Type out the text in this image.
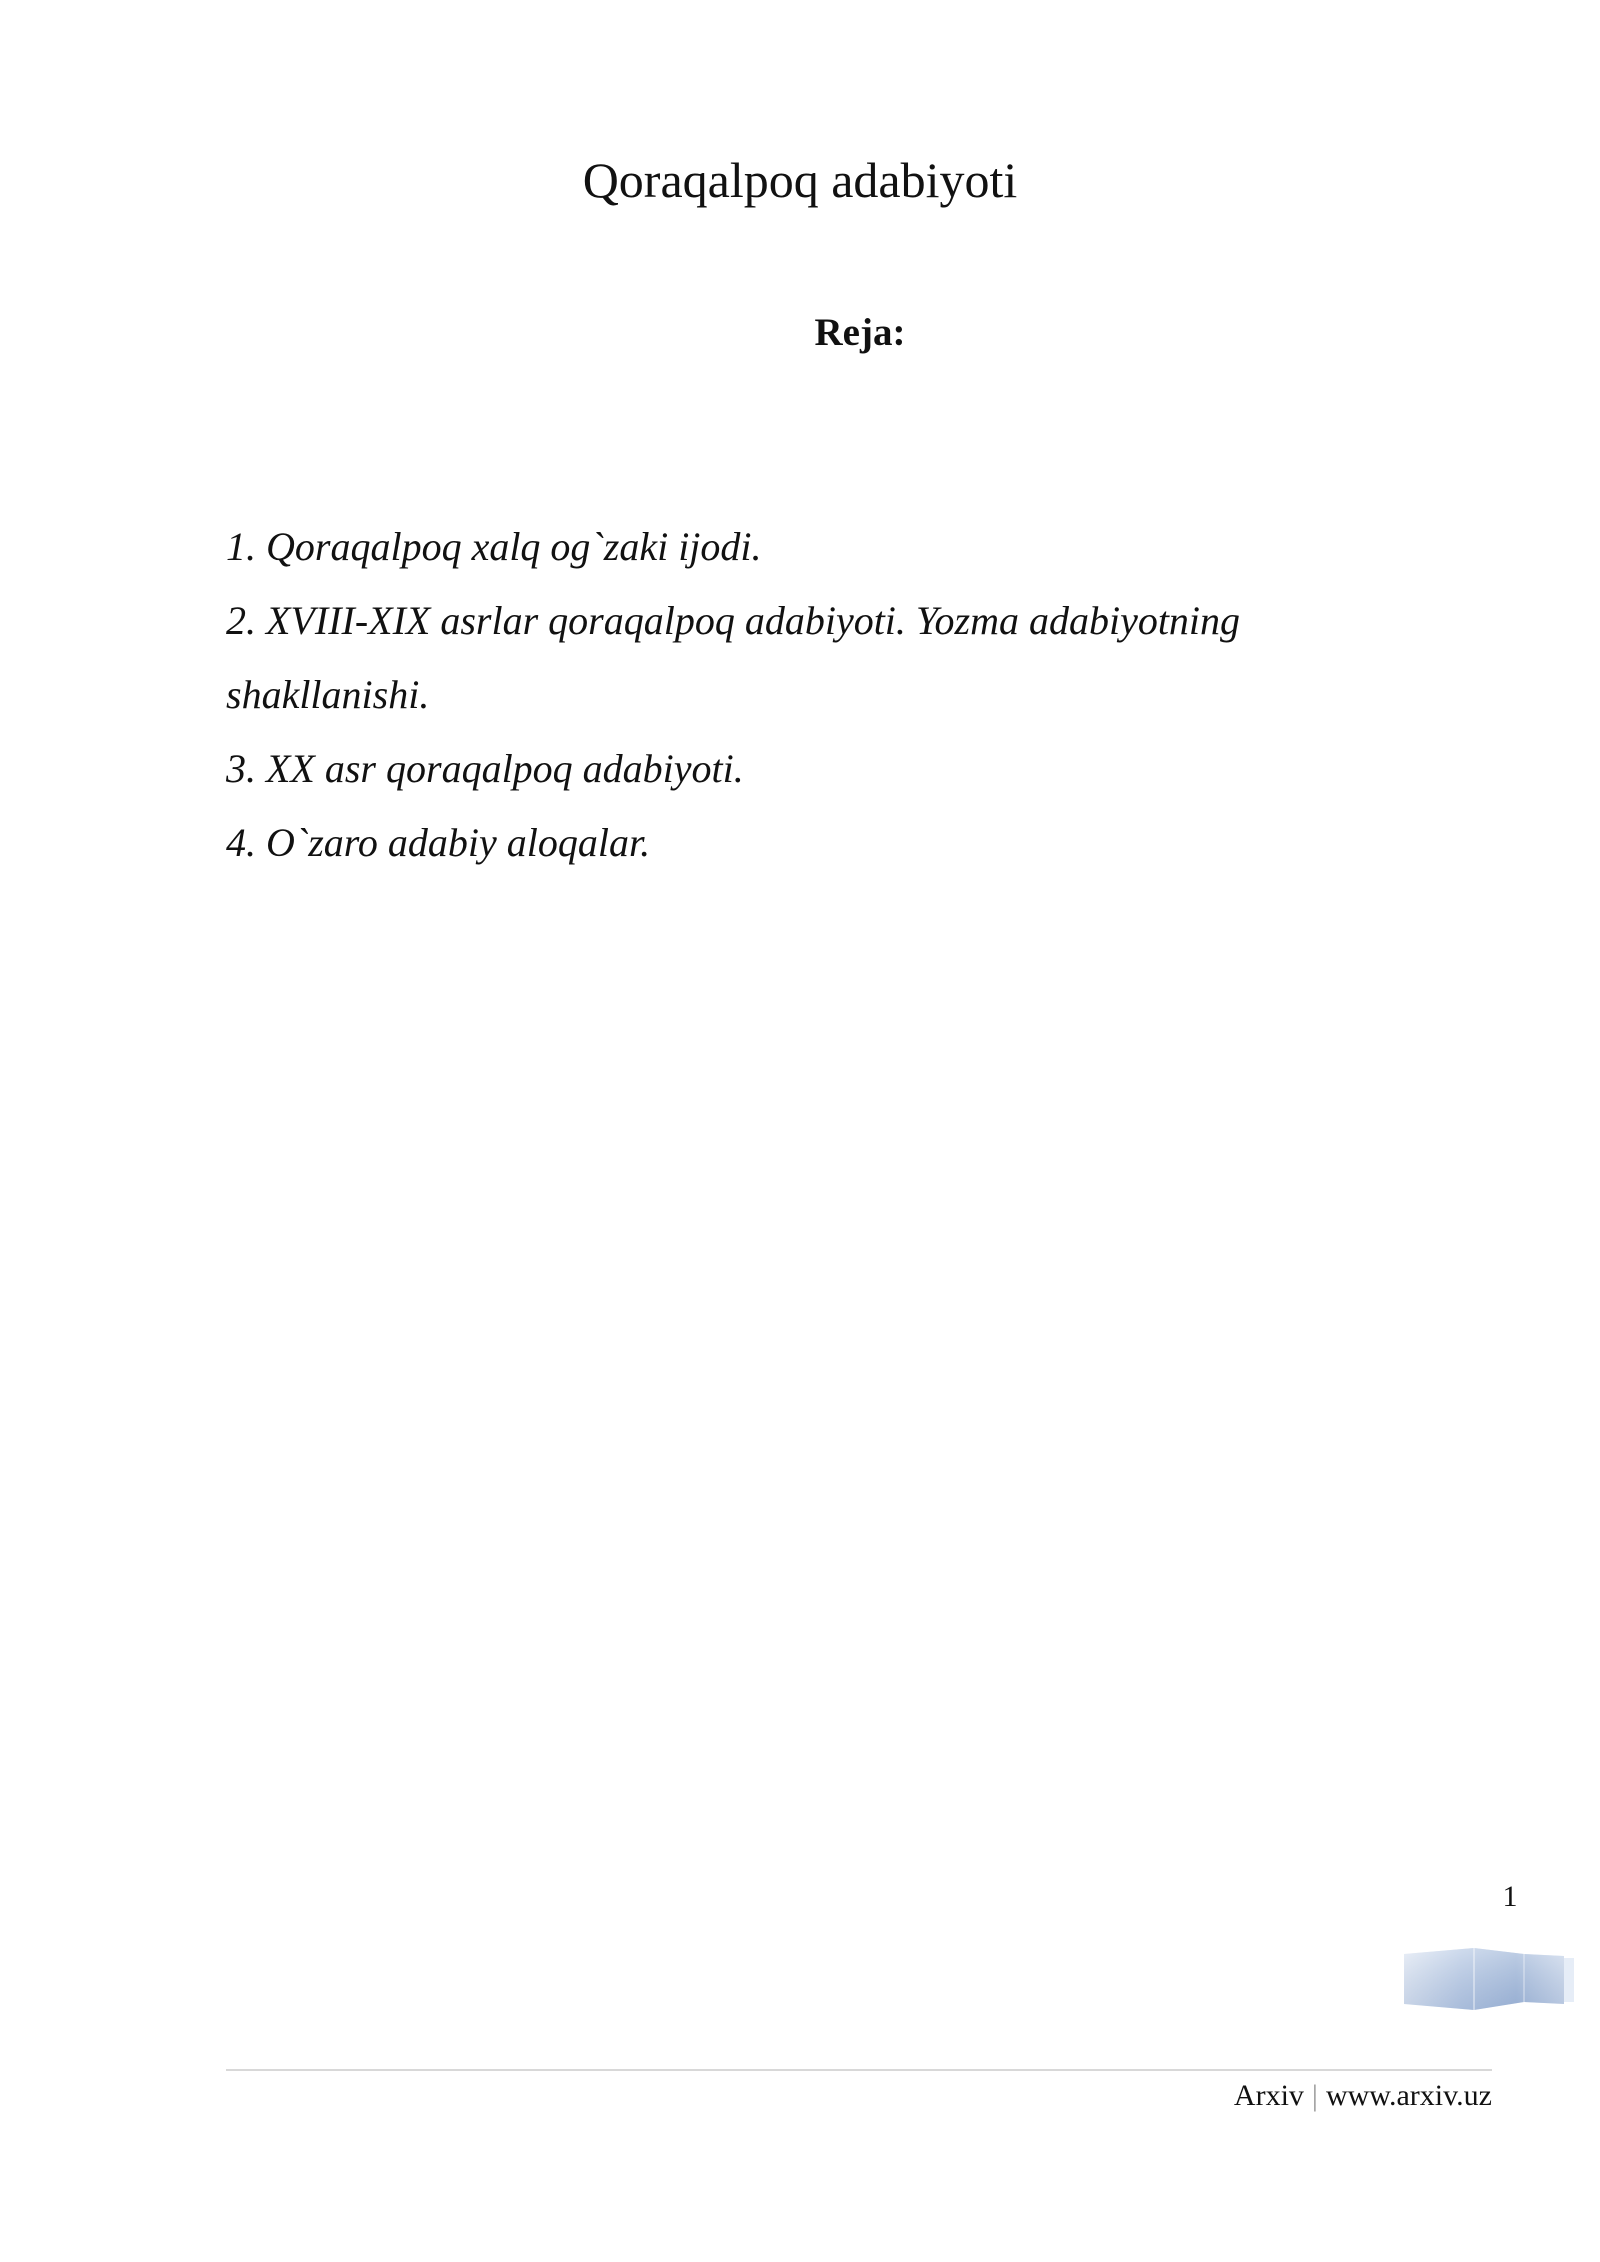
Qoraqalpoq adabiyoti
Reja:
1. Qoraqalpoq xalq og`zaki ijodi.
2. XVIII-XIX asrlar qoraqalpoq adabiyoti. Yozma adabiyotning shakllanishi.
3. XX asr qoraqalpoq adabiyoti.
4. O`zaro adabiy aloqalar.
1
Arxiv | www.arxiv.uz
